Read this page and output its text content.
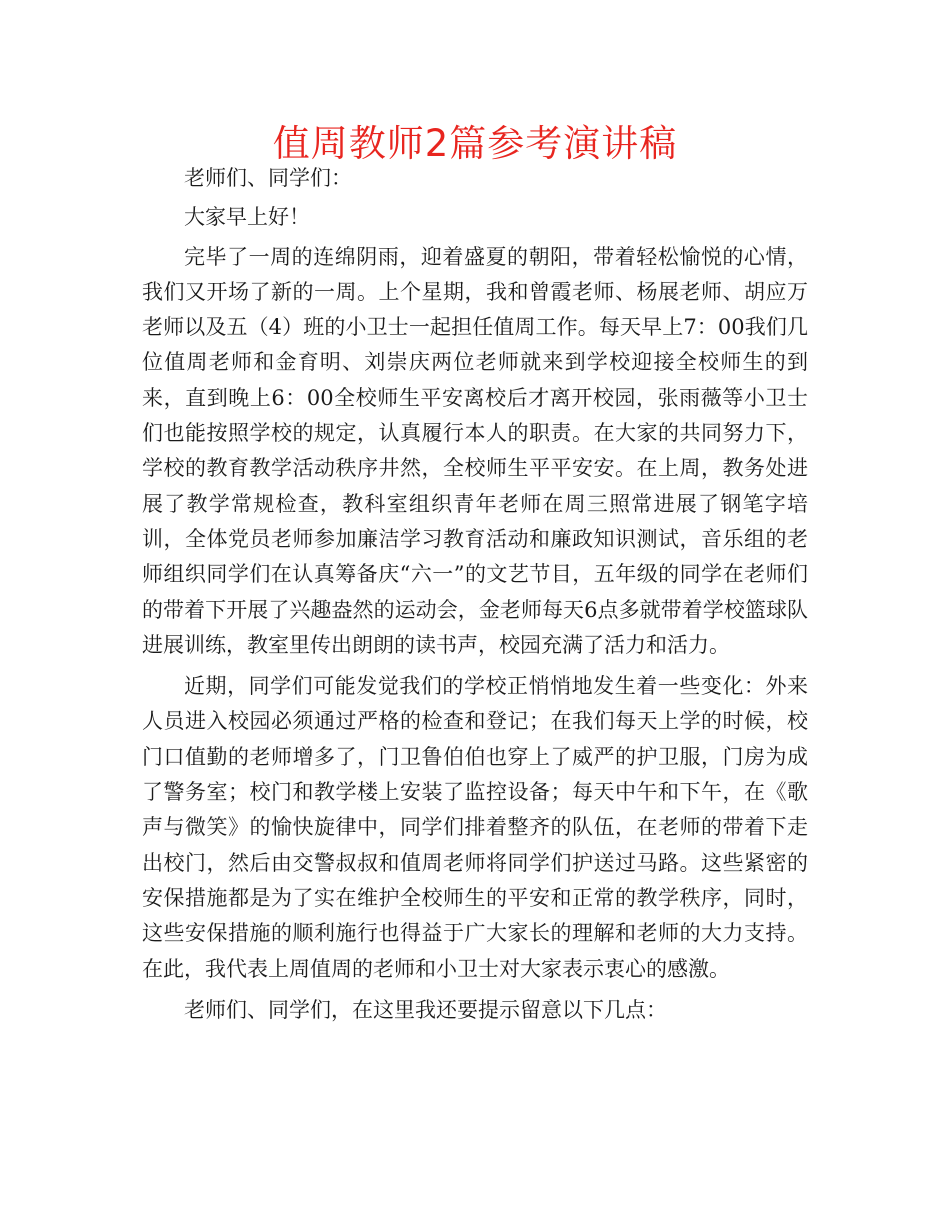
值周教师2篇参考演讲稿

老师们、同学们：

大家早上好！

完毕了一周的连绵阴雨，迎着盛夏的朝阳，带着轻松愉悦的心情，我们又开场了新的一周。上个星期，我和曾霞老师、杨展老师、胡应万老师以及五（4）班的小卫士一起担任值周工作。每天早上7：00我们几位值周老师和金育明、刘崇庆两位老师就来到学校迎接全校师生的到来，直到晚上6：00全校师生平安离校后才离开校园，张雨薇等小卫士们也能按照学校的规定，认真履行本人的职责。在大家的共同努力下，学校的教育教学活动秩序井然，全校师生平平安安。在上周，教务处进展了教学常规检查，教科室组织青年老师在周三照常进展了钢笔字培训，全体党员老师参加廉洁学习教育活动和廉政知识测试，音乐组的老师组织同学们在认真筹备庆“六一”的文艺节目，五年级的同学在老师们的带着下开展了兴趣盎然的运动会，金老师每天6点多就带着学校篮球队进展训练，教室里传出朗朗的读书声，校园充满了活力和活力。

近期，同学们可能发觉我们的学校正悄悄地发生着一些变化：外来人员进入校园必须通过严格的检查和登记；在我们每天上学的时候，校门口值勤的老师增多了，门卫鲁伯伯也穿上了威严的护卫服，门房为成了警务室；校门和教学楼上安装了监控设备；每天中午和下午，在《歌声与微笑》的愉快旋律中，同学们排着整齐的队伍，在老师的带着下走出校门，然后由交警叔叔和值周老师将同学们护送过马路。这些紧密的安保措施都是为了实在维护全校师生的平安和正常的教学秩序，同时，这些安保措施的顺利施行也得益于广大家长的理解和老师的大力支持。在此，我代表上周值周的老师和小卫士对大家表示衷心的感激。

老师们、同学们，在这里我还要提示留意以下几点：
